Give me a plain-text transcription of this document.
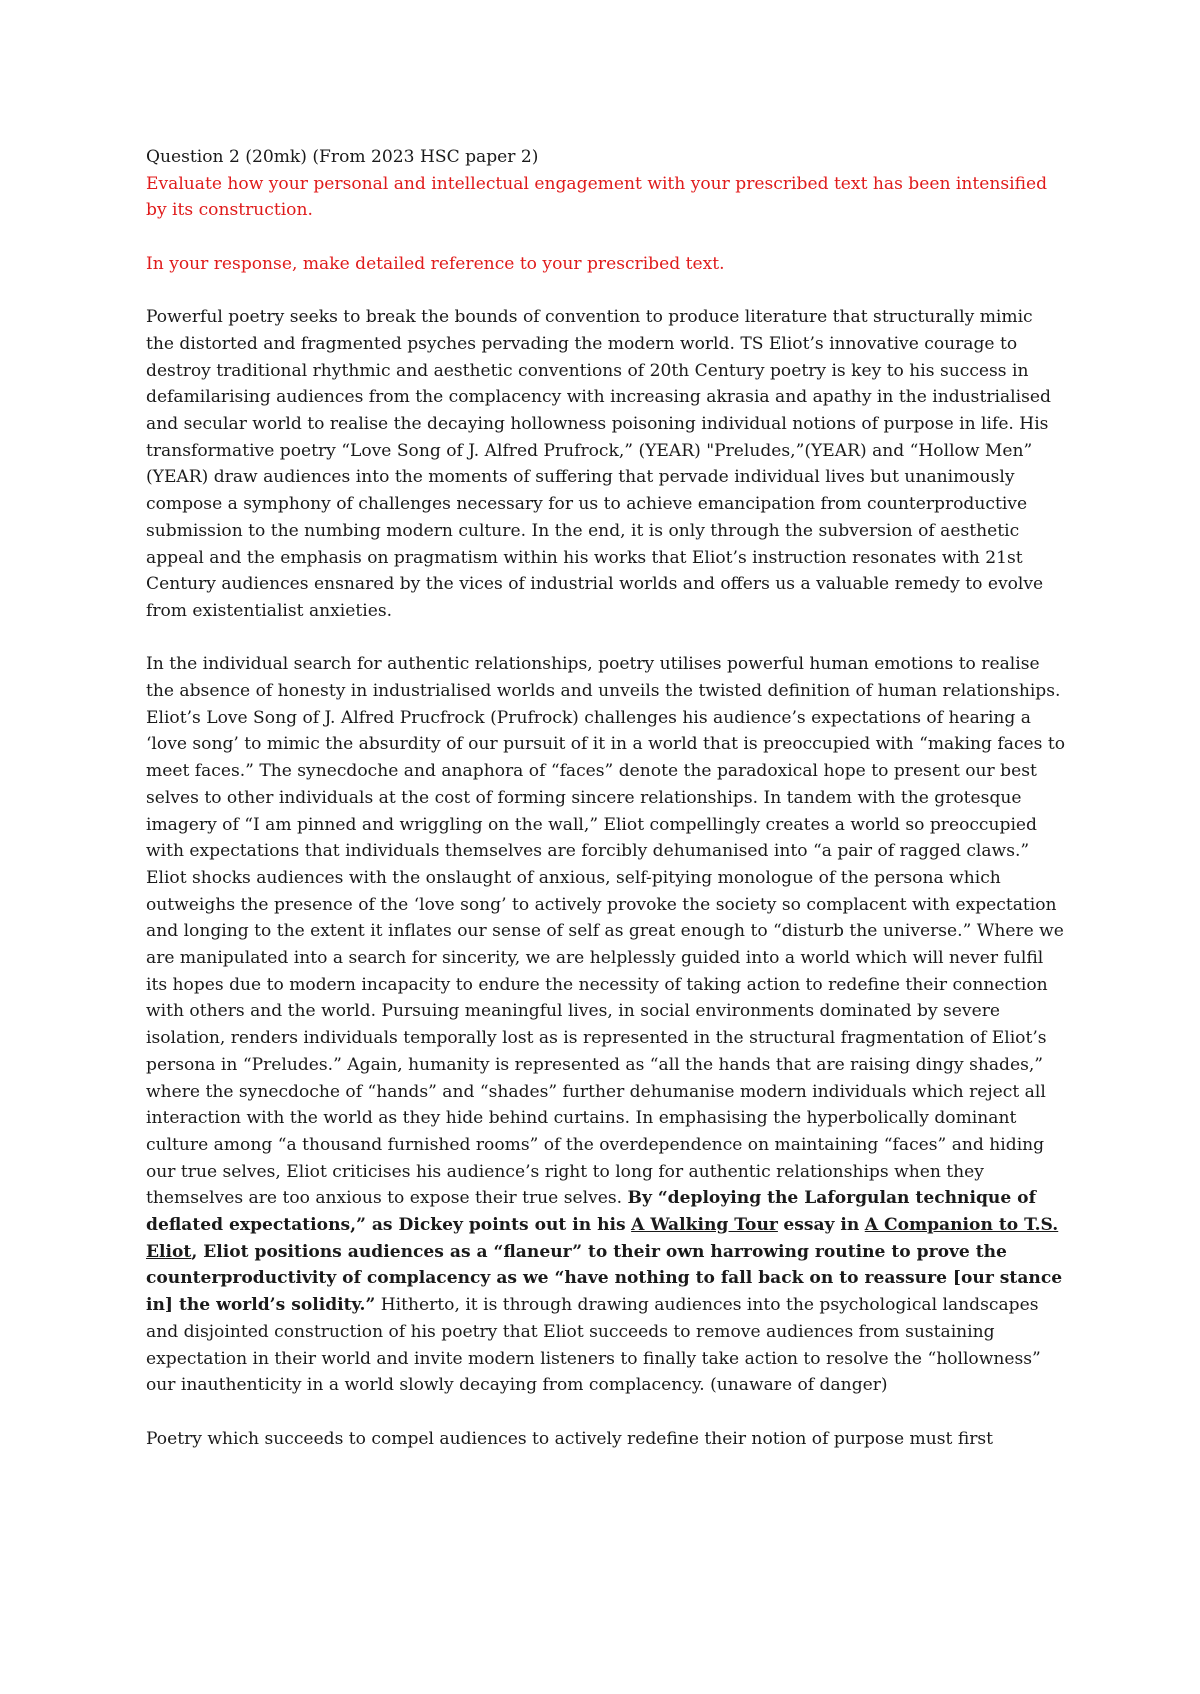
Question 2 (20mk) (From 2023 HSC paper 2)

Evaluate how your personal and intellectual engagement with your prescribed text has been intensified by its construction.

In your response, make detailed reference to your prescribed text.

Powerful poetry seeks to break the bounds of convention to produce literature that structurally mimic the distorted and fragmented psyches pervading the modern world. TS Eliot’s innovative courage to destroy traditional rhythmic and aesthetic conventions of 20th Century poetry is key to his success in defamilarising audiences from the complacency with increasing akrasia and apathy in the industrialised and secular world to realise the decaying hollowness poisoning individual notions of purpose in life. His transformative poetry “Love Song of J. Alfred Prufrock,” (YEAR) "Preludes,”(YEAR) and “Hollow Men” (YEAR) draw audiences into the moments of suffering that pervade individual lives but unanimously compose a symphony of challenges necessary for us to achieve emancipation from counterproductive submission to the numbing modern culture. In the end, it is only through the subversion of aesthetic appeal and the emphasis on pragmatism within his works that Eliot’s instruction resonates with 21st Century audiences ensnared by the vices of industrial worlds and offers us a valuable remedy to evolve from existentialist anxieties.

In the individual search for authentic relationships, poetry utilises powerful human emotions to realise the absence of honesty in industrialised worlds and unveils the twisted definition of human relationships. Eliot’s Love Song of J. Alfred Prucfrock (Prufrock) challenges his audience’s expectations of hearing a ‘love song’ to mimic the absurdity of our pursuit of it in a world that is preoccupied with “making faces to meet faces.” The synecdoche and anaphora of “faces” denote the paradoxical hope to present our best selves to other individuals at the cost of forming sincere relationships. In tandem with the grotesque imagery of “I am pinned and wriggling on the wall,” Eliot compellingly creates a world so preoccupied with expectations that individuals themselves are forcibly dehumanised into “a pair of ragged claws.” Eliot shocks audiences with the onslaught of anxious, self-pitying monologue of the persona which outweighs the presence of the ‘love song’ to actively provoke the society so complacent with expectation and longing to the extent it inflates our sense of self as great enough to “disturb the universe.” Where we are manipulated into a search for sincerity, we are helplessly guided into a world which will never fulfil its hopes due to modern incapacity to endure the necessity of taking action to redefine their connection with others and the world. Pursuing meaningful lives, in social environments dominated by severe isolation, renders individuals temporally lost as is represented in the structural fragmentation of Eliot’s persona in “Preludes.” Again, humanity is represented as “all the hands that are raising dingy shades,” where the synecdoche of “hands” and “shades” further dehumanise modern individuals which reject all interaction with the world as they hide behind curtains. In emphasising the hyperbolically dominant culture among “a thousand furnished rooms” of the overdependence on maintaining “faces” and hiding our true selves, Eliot criticises his audience’s right to long for authentic relationships when they themselves are too anxious to expose their true selves. By “deploying the Laforgulan technique of deflated expectations,” as Dickey points out in his A Walking Tour essay in A Companion to T.S. Eliot, Eliot positions audiences as a “flaneur” to their own harrowing routine to prove the counterproductivity of complacency as we “have nothing to fall back on to reassure [our stance in] the world’s solidity.” Hitherto, it is through drawing audiences into the psychological landscapes and disjointed construction of his poetry that Eliot succeeds to remove audiences from sustaining expectation in their world and invite modern listeners to finally take action to resolve the “hollowness” our inauthenticity in a world slowly decaying from complacency. (unaware of danger)

Poetry which succeeds to compel audiences to actively redefine their notion of purpose must first
